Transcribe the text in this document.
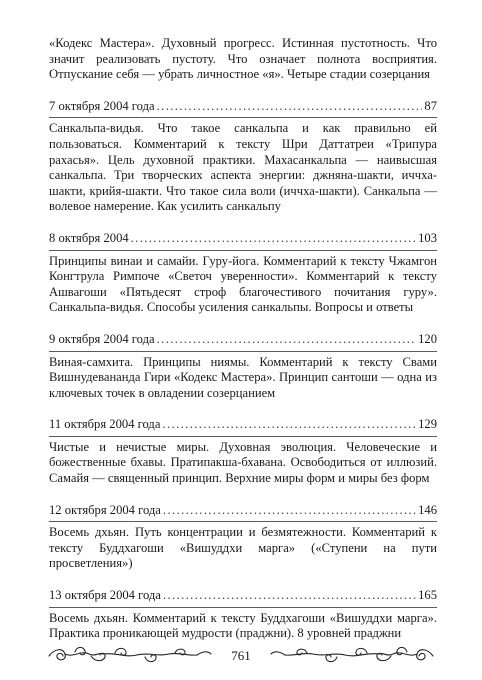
«Кодекс Мастера». Духовный прогресс. Истинная пустотность. Что значит реализовать пустоту. Что означает полнота восприятия. Отпускание себя — убрать личностное «я». Четыре стадии созерцания

7 октября 2004 года .....	87

Санкальпа-видья. Что такое санкальпа и как правильно ей пользоваться. Комментарий к тексту Шри Даттатреи «Трипура рахасья». Цель духовной практики. Махасанкальпа — наивысшая санкальпа. Три творческих аспекта энергии: джняна-шакти, иччха-шакти, крийя-шакти. Что такое сила воли (иччха-шакти). Санкальпа — волевое намерение. Как усилить санкальпу

8 октября 2004 .....	103

Принципы винаи и самайи. Гуру-йога. Комментарий к тексту Чжамгон Конгтрула Римпоче «Светоч уверенности». Комментарий к тексту Ашвагоши «Пятьдесят строф благочестивого почитания гуру». Санкальпа-видья. Способы усиления санкальпы. Вопросы и ответы

9 октября 2004 года .....	120

Виная-самхита. Принципы ниямы. Комментарий к тексту Свами Вишнудевананда Гири «Кодекс Мастера». Принцип сантоши — одна из ключевых точек в овладении созерцанием

11 октября 2004 года .....	129

Чистые и нечистые миры. Духовная эволюция. Человеческие и божественные бхавы. Пратипакша-бхавана. Освободиться от иллюзий. Самайя — священный принцип. Верхние миры форм и миры без форм

12 октября 2004 года .....	146

Восемь дхьян. Путь концентрации и безмятежности. Комментарий к тексту Буддхагоши «Вишуддхи марга» («Ступени на пути просветления»)

13 октября 2004 года .....	165

Восемь дхьян. Комментарий к тексту Буддхагоши «Вишуддхи марга». Практика проникающей мудрости (праджни). 8 уровней праджни

761
